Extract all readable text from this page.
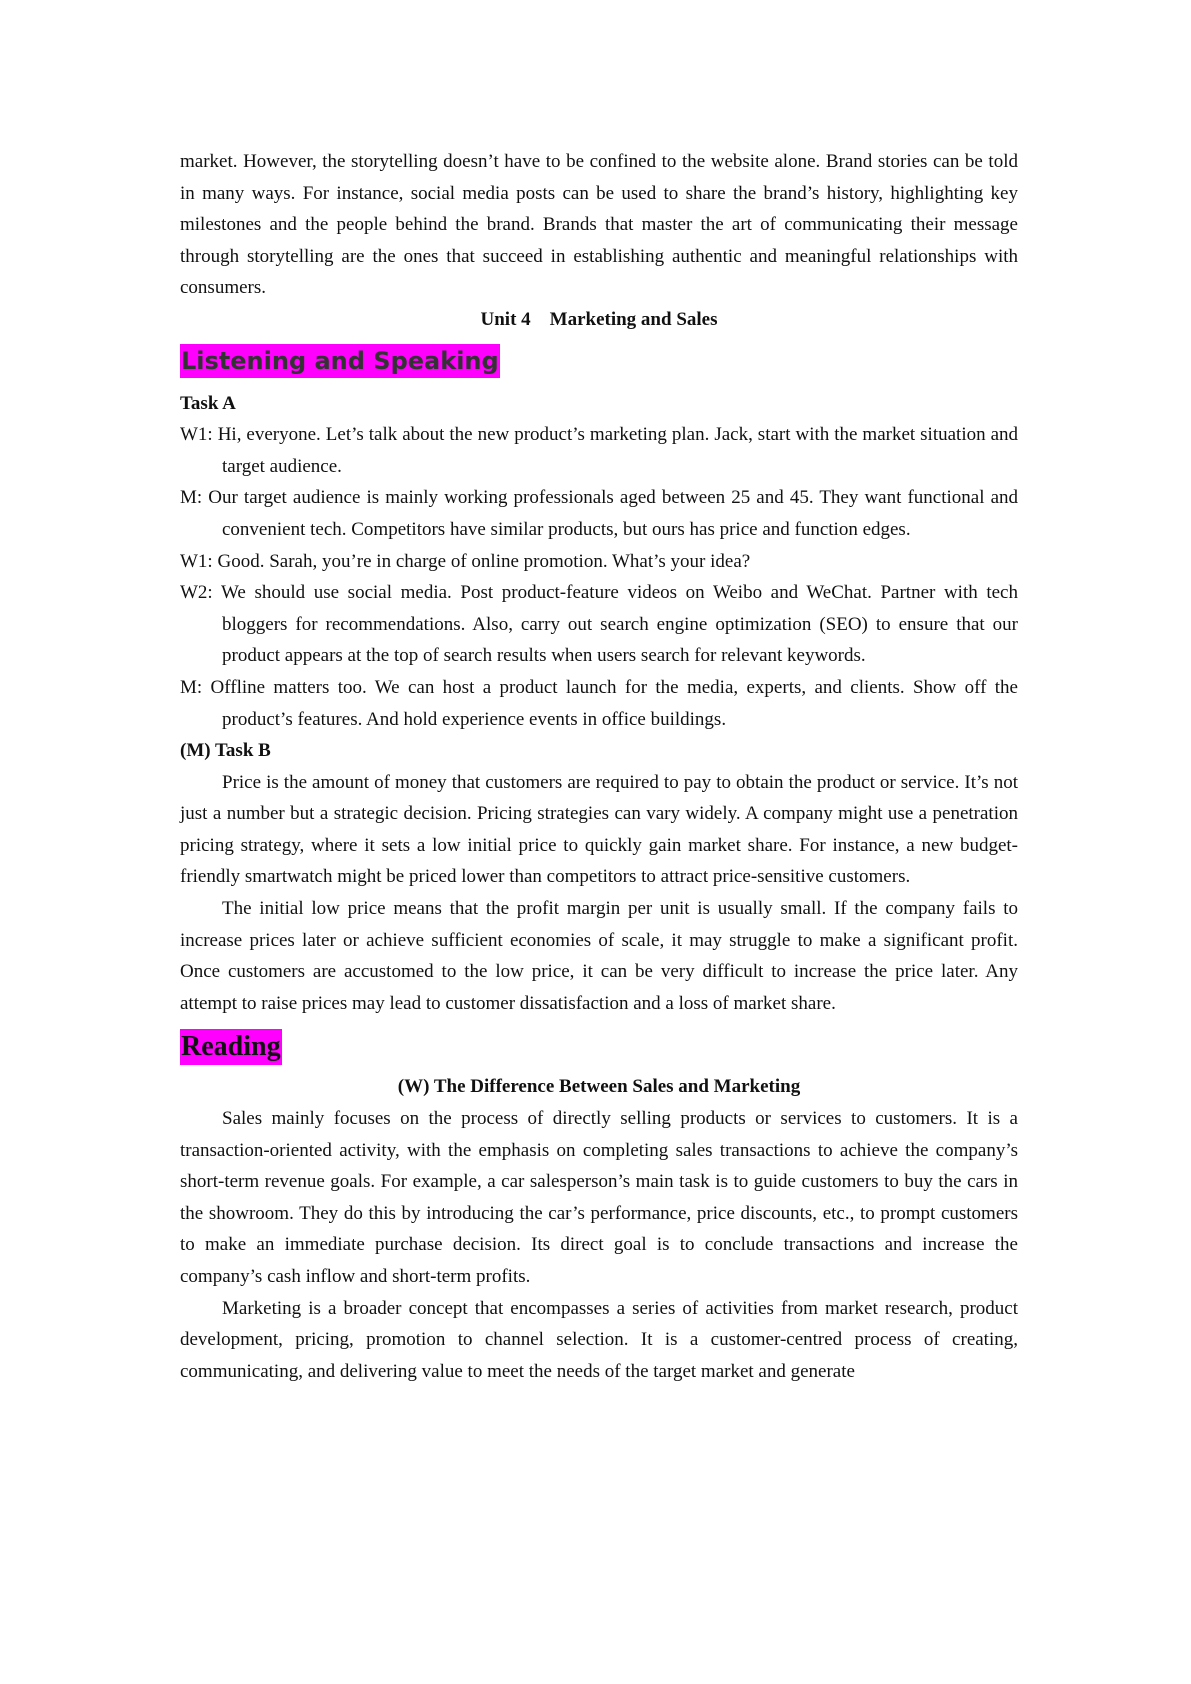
market. However, the storytelling doesn’t have to be confined to the website alone. Brand stories can be told in many ways. For instance, social media posts can be used to share the brand’s history, highlighting key milestones and the people behind the brand. Brands that master the art of communicating their message through storytelling are the ones that succeed in establishing authentic and meaningful relationships with consumers.

Unit 4    Marketing and Sales

Listening and Speaking

Task A

W1: Hi, everyone. Let’s talk about the new product’s marketing plan. Jack, start with the market situation and target audience.

M: Our target audience is mainly working professionals aged between 25 and 45. They want functional and convenient tech. Competitors have similar products, but ours has price and function edges.

W1: Good. Sarah, you’re in charge of online promotion. What’s your idea?

W2: We should use social media. Post product-feature videos on Weibo and WeChat. Partner with tech bloggers for recommendations. Also, carry out search engine optimization (SEO) to ensure that our product appears at the top of search results when users search for relevant keywords.

M: Offline matters too. We can host a product launch for the media, experts, and clients. Show off the product’s features. And hold experience events in office buildings.

(M) Task B

Price is the amount of money that customers are required to pay to obtain the product or service. It’s not just a number but a strategic decision. Pricing strategies can vary widely. A company might use a penetration pricing strategy, where it sets a low initial price to quickly gain market share. For instance, a new budget-friendly smartwatch might be priced lower than competitors to attract price-sensitive customers.

The initial low price means that the profit margin per unit is usually small. If the company fails to increase prices later or achieve sufficient economies of scale, it may struggle to make a significant profit. Once customers are accustomed to the low price, it can be very difficult to increase the price later. Any attempt to raise prices may lead to customer dissatisfaction and a loss of market share.

Reading

(W) The Difference Between Sales and Marketing

Sales mainly focuses on the process of directly selling products or services to customers. It is a transaction-oriented activity, with the emphasis on completing sales transactions to achieve the company’s short-term revenue goals. For example, a car salesperson’s main task is to guide customers to buy the cars in the showroom. They do this by introducing the car’s performance, price discounts, etc., to prompt customers to make an immediate purchase decision. Its direct goal is to conclude transactions and increase the company’s cash inflow and short-term profits.

Marketing is a broader concept that encompasses a series of activities from market research, product development, pricing, promotion to channel selection. It is a customer-centred process of creating, communicating, and delivering value to meet the needs of the target market and generate
